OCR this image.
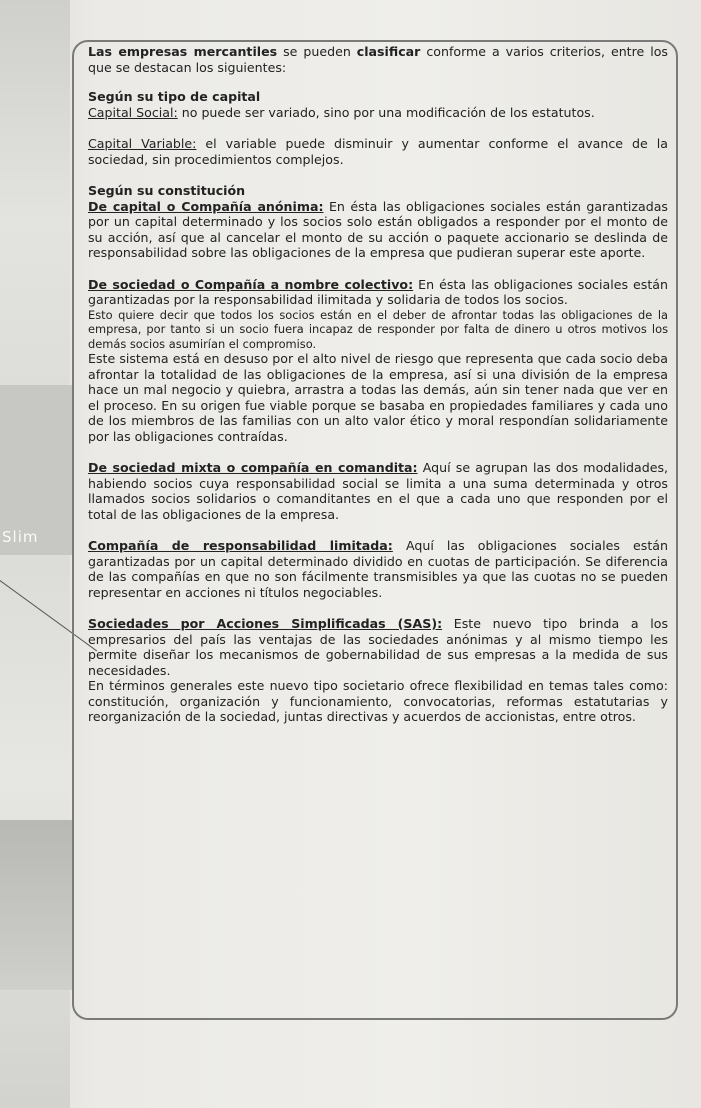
Slim

Las empresas mercantiles se pueden clasificar conforme a varios criterios, entre los que se destacan los siguientes:

Según su tipo de capital

Capital Social: no puede ser variado, sino por una modificación de los estatutos.

Capital Variable: el variable puede disminuir y aumentar conforme el avance de la sociedad, sin procedimientos complejos.

Según su constitución

De capital o Compañía anónima: En ésta las obligaciones sociales están garantizadas por un capital determinado y los socios solo están obligados a responder por el monto de su acción, así que al cancelar el monto de su acción o paquete accionario se deslinda de responsabilidad sobre las obligaciones de la empresa que pudieran superar este aporte.

De sociedad o Compañía a nombre colectivo: En ésta las obligaciones sociales están garantizadas por la responsabilidad ilimitada y solidaria de todos los socios.

Esto quiere decir que todos los socios están en el deber de afrontar todas las obligaciones de la empresa, por tanto si un socio fuera incapaz de responder por falta de dinero u otros motivos los demás socios asumirían el compromiso.

Este sistema está en desuso por el alto nivel de riesgo que representa que cada socio deba afrontar la totalidad de las obligaciones de la empresa, así si una división de la empresa hace un mal negocio y quiebra, arrastra a todas las demás, aún sin tener nada que ver en el proceso. En su origen fue viable porque se basaba en propiedades familiares y cada uno de los miembros de las familias con un alto valor ético y moral respondían solidariamente por las obligaciones contraídas.

De sociedad mixta o compañía en comandita: Aquí se agrupan las dos modalidades, habiendo socios cuya responsabilidad social se limita a una suma determinada y otros llamados socios solidarios o comanditantes en el que a cada uno que responden por el total de las obligaciones de la empresa.

Compañía de responsabilidad limitada: Aquí las obligaciones sociales están garantizadas por un capital determinado dividido en cuotas de participación. Se diferencia de las compañías en que no son fácilmente transmisibles ya que las cuotas no se pueden representar en acciones ni títulos negociables.

Sociedades por Acciones Simplificadas (SAS): Este nuevo tipo brinda a los empresarios del país las ventajas de las sociedades anónimas y al mismo tiempo les permite diseñar los mecanismos de gobernabilidad de sus empresas a la medida de sus necesidades.

En términos generales este nuevo tipo societario ofrece flexibilidad en temas tales como: constitución, organización y funcionamiento, convocatorias, reformas estatutarias y reorganización de la sociedad, juntas directivas y acuerdos de accionistas, entre otros.
